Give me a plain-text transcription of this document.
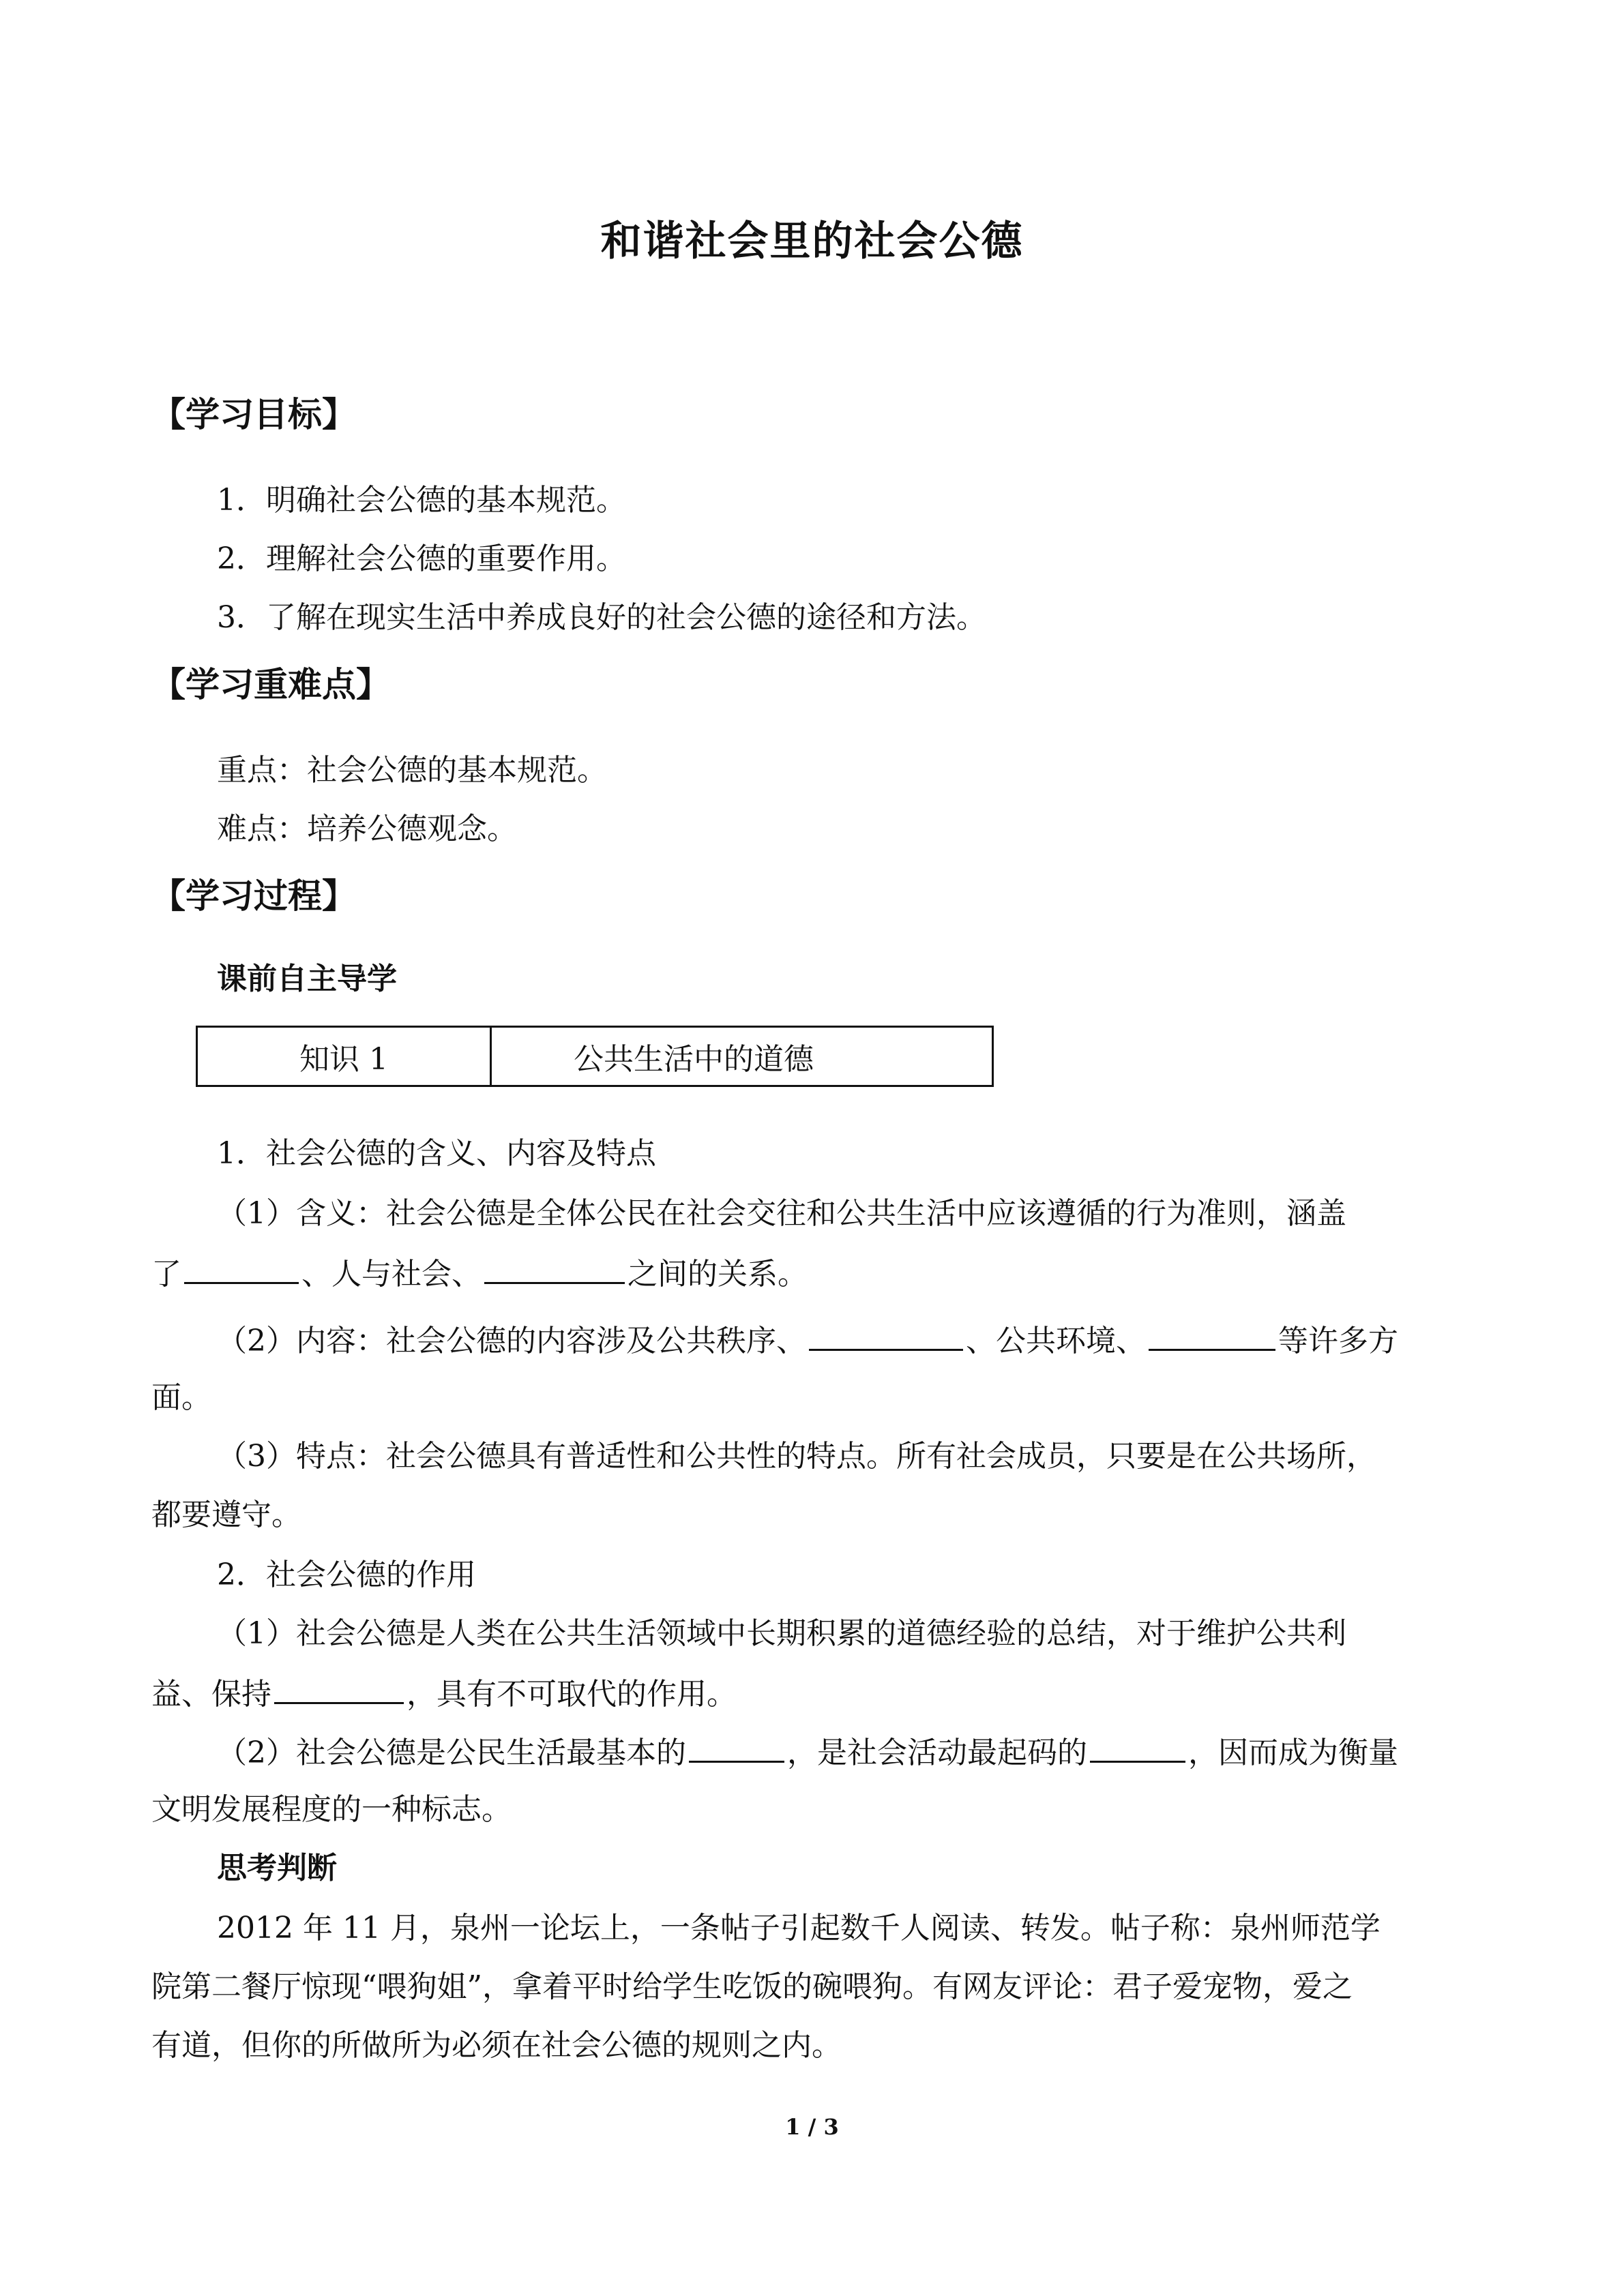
和谐社会里的社会公德
【学习目标】
1．明确社会公德的基本规范。
2．理解社会公德的重要作用。
3．了解在现实生活中养成良好的社会公德的途径和方法。
【学习重难点】
重点：社会公德的基本规范。
难点：培养公德观念。
【学习过程】
课前自主导学
知识 1	公共生活中的道德
1．社会公德的含义、内容及特点
（1）含义：社会公德是全体公民在社会交往和公共生活中应该遵循的行为准则，涵盖
了	、人与社会、	之间的关系。
（2）内容：社会公德的内容涉及公共秩序、	、公共环境、	等许多方
面。
（3）特点：社会公德具有普适性和公共性的特点。所有社会成员，只要是在公共场所，
都要遵守。
2．社会公德的作用
（1）社会公德是人类在公共生活领域中长期积累的道德经验的总结，对于维护公共利
益、保持	，具有不可取代的作用。
（2）社会公德是公民生活最基本的	，是社会活动最起码的	，因而成为衡量
文明发展程度的一种标志。
思考判断
2012 年 11 月，泉州一论坛上，一条帖子引起数千人阅读、转发。帖子称：泉州师范学
院第二餐厅惊现“喂狗姐”，拿着平时给学生吃饭的碗喂狗。有网友评论：君子爱宠物，爱之
有道，但你的所做所为必须在社会公德的规则之内。
1 / 3
